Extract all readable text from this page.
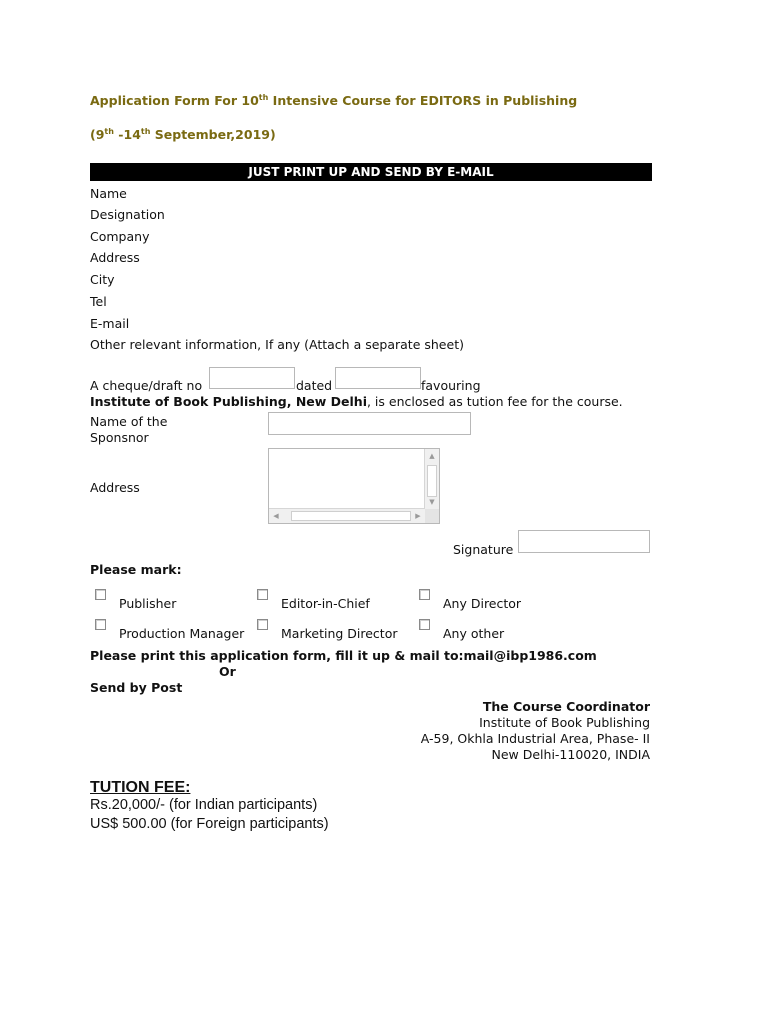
Application Form For 10th Intensive Course for EDITORS in Publishing
(9th -14th September,2019)
JUST PRINT UP AND SEND BY E-MAIL
Name
Designation
Company
Address
City
Tel
E-mail
Other relevant information, If any (Attach a separate sheet)
A cheque/draft no	dated	favouring
Institute of Book Publishing, New Delhi, is enclosed as tution fee for the course.
Name of the
Sponsnor
Address
▲
▼
◀	▶
Signature
Please mark:
Publisher	Editor-in-Chief	Any Director
Production Manager	Marketing Director	Any other
Please print this application form, fill it up & mail to:mail@ibp1986.com
Or
Send by Post
The Course Coordinator
Institute of Book Publishing
A-59, Okhla Industrial Area, Phase- II
New Delhi-110020, INDIA
TUTION FEE:
Rs.20,000/- (for Indian participants)
US$ 500.00 (for Foreign participants)
